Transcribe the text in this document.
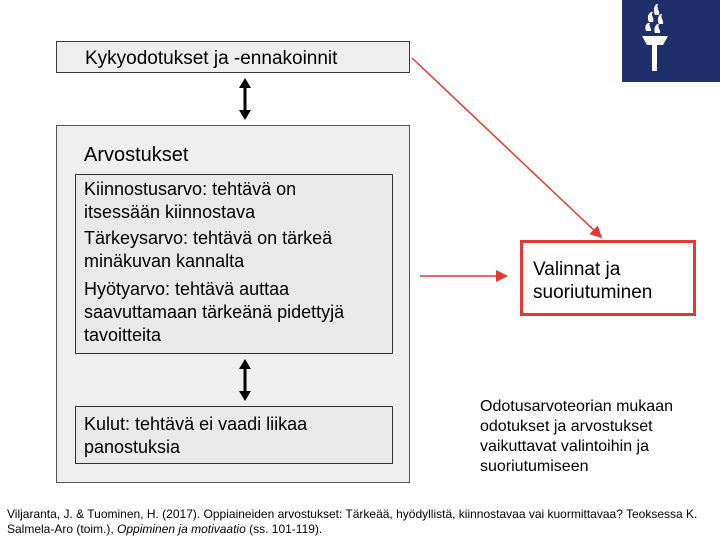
Kykyodotukset ja -ennakoinnit
Arvostukset
Kiinnostusarvo: tehtävä on
itsessään kiinnostava
Tärkeysarvo: tehtävä on tärkeä
minäkuvan kannalta
Hyötyarvo: tehtävä auttaa
saavuttamaan tärkeänä pidettyjä
tavoitteita
Kulut: tehtävä ei vaadi liikaa
panostuksia
Valinnat ja
suoriutuminen
Odotusarvoteorian mukaan odotukset ja arvostukset vaikuttavat valintoihin ja suoriutumiseen
Viljaranta, J. & Tuominen, H. (2017). Oppiaineiden arvostukset: Tärkeää, hyödyllistä, kiinnostavaa vai kuormittavaa? Teoksessa K. Salmela-Aro (toim.), Oppiminen ja motivaatio (ss. 101-119).
